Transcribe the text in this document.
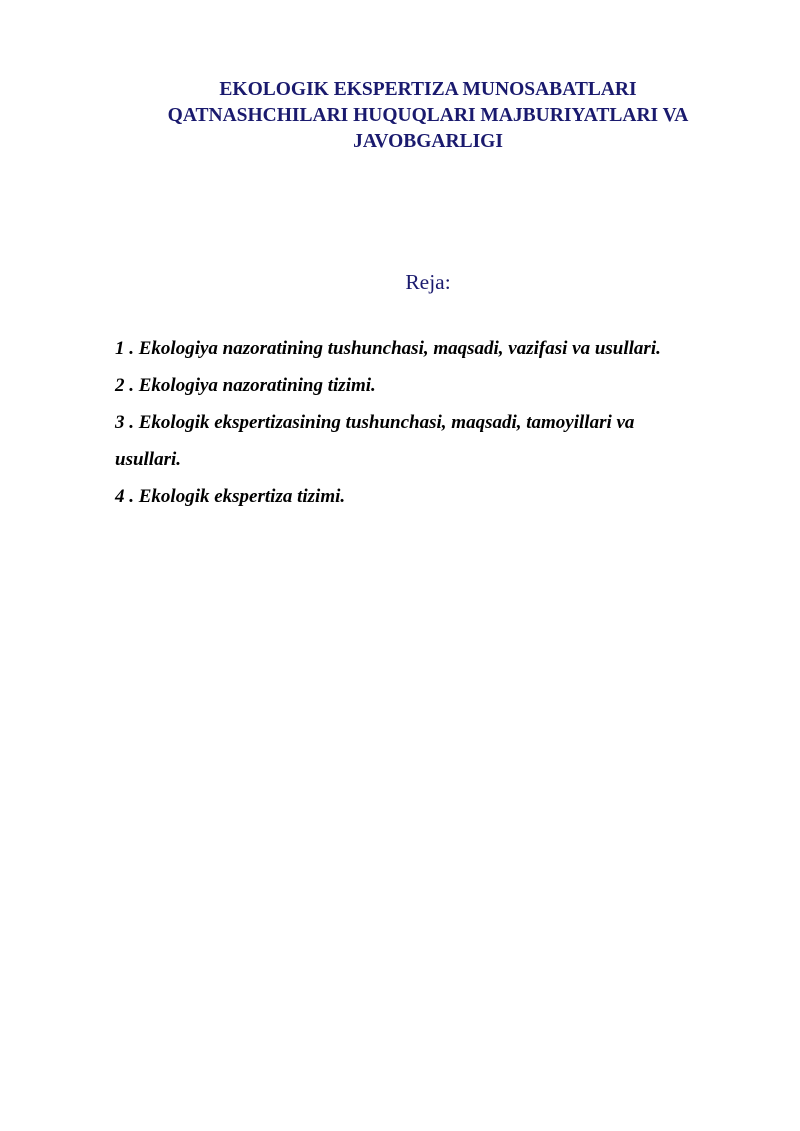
EKOLOGIK EKSPERTIZA MUNOSABATLARI
QATNASHCHILARI HUQUQLARI MAJBURIYATLARI VA
JAVOBGARLIGI
Reja:
1 . Ekologiya nazoratining tushunchasi, maqsadi, vazifasi va usullari.
2 . Ekologiya nazoratining tizimi.
3 . Ekologik ekspertizasining tushunchasi, maqsadi, tamoyillari va
usullari.
4 . Ekologik ekspertiza tizimi.
